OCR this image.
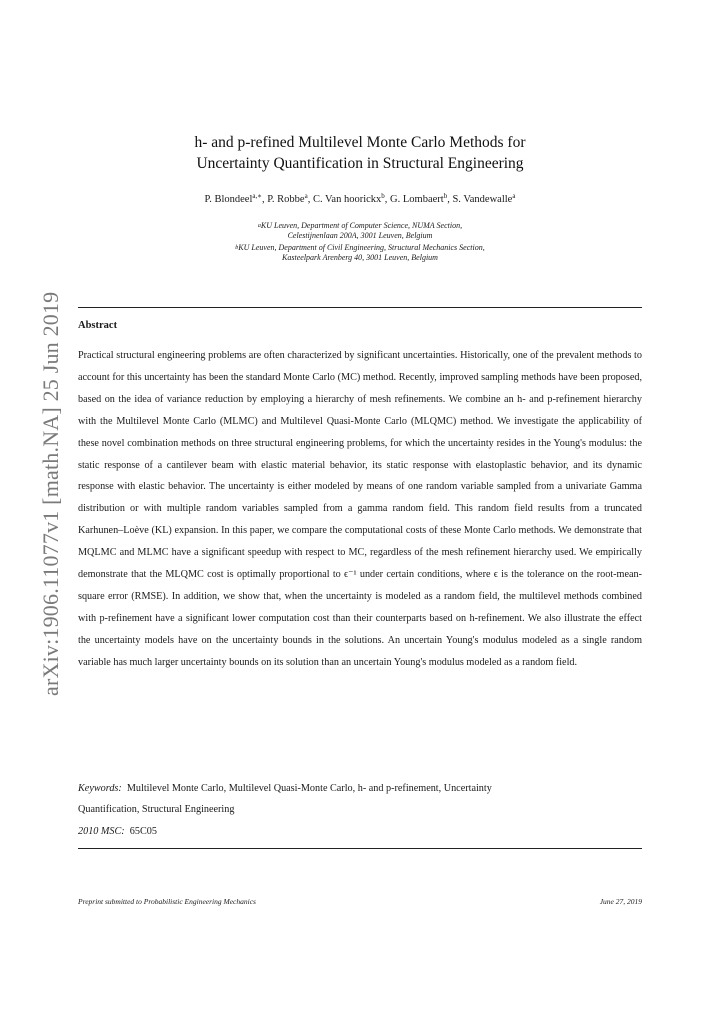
arXiv:1906.11077v1 [math.NA] 25 Jun 2019
h- and p-refined Multilevel Monte Carlo Methods for
Uncertainty Quantification in Structural Engineering
P. Blondeel$^{a,∗}$, P. Robbe$^a$, C. Van hoorickx$^b$, G. Lombaert$^b$, S. Vandewalle$^a$
$^a$KU Leuven, Department of Computer Science, NUMA Section,
Celestijnenlaan 200A, 3001 Leuven, Belgium
$^b$KU Leuven, Department of Civil Engineering, Structural Mechanics Section,
Kasteelpark Arenberg 40, 3001 Leuven, Belgium
Abstract
Practical structural engineering problems are often characterized by significant uncertainties. Historically, one of the prevalent methods to account for this uncertainty has been the standard Monte Carlo (MC) method. Recently, improved sampling methods have been proposed, based on the idea of variance reduction by employing a hierarchy of mesh refinements. We combine an h- and p-refinement hierarchy with the Multilevel Monte Carlo (MLMC) and Multilevel Quasi-Monte Carlo (MLQMC) method. We investigate the applicability of these novel combination methods on three structural engineering problems, for which the uncertainty resides in the Young's modulus: the static response of a cantilever beam with elastic material behavior, its static response with elastoplastic behavior, and its dynamic response with elastic behavior. The uncertainty is either modeled by means of one random variable sampled from a univariate Gamma distribution or with multiple random variables sampled from a gamma random field. This random field results from a truncated Karhunen–Loève (KL) expansion. In this paper, we compare the computational costs of these Monte Carlo methods. We demonstrate that MQLMC and MLMC have a significant speedup with respect to MC, regardless of the mesh refinement hierarchy used. We empirically demonstrate that the MLQMC cost is optimally proportional to ϵ⁻¹ under certain conditions, where ϵ is the tolerance on the root-mean-square error (RMSE). In addition, we show that, when the uncertainty is modeled as a random field, the multilevel methods combined with p-refinement have a significant lower computation cost than their counterparts based on h-refinement. We also illustrate the effect the uncertainty models have on the uncertainty bounds in the solutions. An uncertain Young's modulus modeled as a single random variable has much larger uncertainty bounds on its solution than an uncertain Young's modulus modeled as a random field.
Keywords: Multilevel Monte Carlo, Multilevel Quasi-Monte Carlo, h- and p-refinement, Uncertainty
Quantification, Structural Engineering
2010 MSC: 65C05
Preprint submitted to Probabilistic Engineering Mechanics	June 27, 2019
